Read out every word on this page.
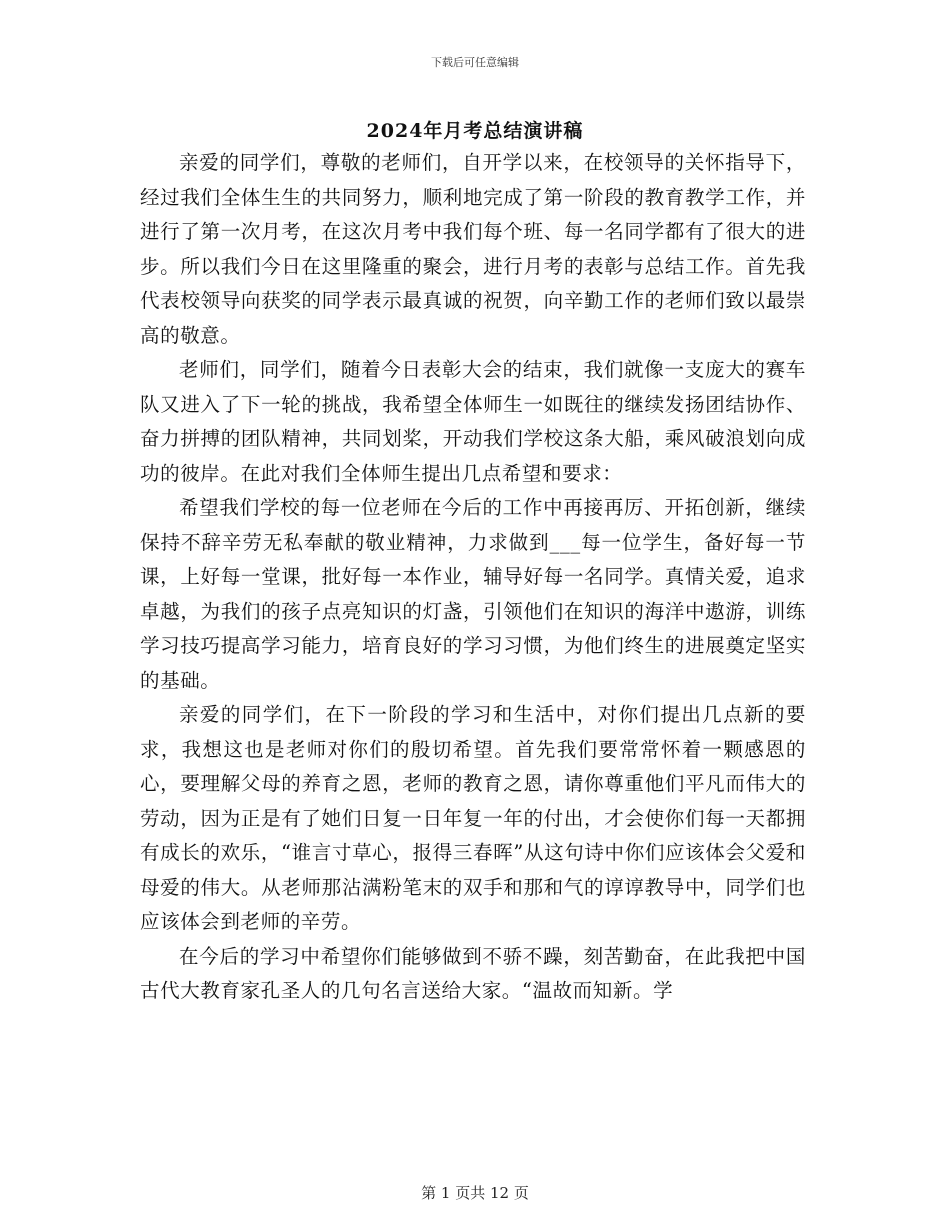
下载后可任意编辑
2024年月考总结演讲稿

亲爱的同学们，尊敬的老师们，自开学以来，在校领导的关怀指导下，经过我们全体生生的共同努力，顺利地完成了第一阶段的教育教学工作，并进行了第一次月考，在这次月考中我们每个班、每一名同学都有了很大的进步。所以我们今日在这里隆重的聚会，进行月考的表彰与总结工作。首先我代表校领导向获奖的同学表示最真诚的祝贺，向辛勤工作的老师们致以最崇高的敬意。

老师们，同学们，随着今日表彰大会的结束，我们就像一支庞大的赛车队又进入了下一轮的挑战，我希望全体师生一如既往的继续发扬团结协作、奋力拼搏的团队精神，共同划桨，开动我们学校这条大船，乘风破浪划向成功的彼岸。在此对我们全体师生提出几点希望和要求：

希望我们学校的每一位老师在今后的工作中再接再厉、开拓创新，继续保持不辞辛劳无私奉献的敬业精神，力求做到___每一位学生，备好每一节课，上好每一堂课，批好每一本作业，辅导好每一名同学。真情关爱，追求卓越，为我们的孩子点亮知识的灯盏，引领他们在知识的海洋中遨游，训练学习技巧提高学习能力，培育良好的学习习惯，为他们终生的进展奠定坚实的基础。

亲爱的同学们，在下一阶段的学习和生活中，对你们提出几点新的要求，我想这也是老师对你们的殷切希望。首先我们要常常怀着一颗感恩的心，要理解父母的养育之恩，老师的教育之恩，请你尊重他们平凡而伟大的劳动，因为正是有了她们日复一日年复一年的付出，才会使你们每一天都拥有成长的欢乐，“谁言寸草心，报得三春晖”从这句诗中你们应该体会父爱和母爱的伟大。从老师那沾满粉笔末的双手和那和气的谆谆教导中，同学们也应该体会到老师的辛劳。

在今后的学习中希望你们能够做到不骄不躁，刻苦勤奋，在此我把中国古代大教育家孔圣人的几句名言送给大家。“温故而知新。学

第 1 页共 12 页
